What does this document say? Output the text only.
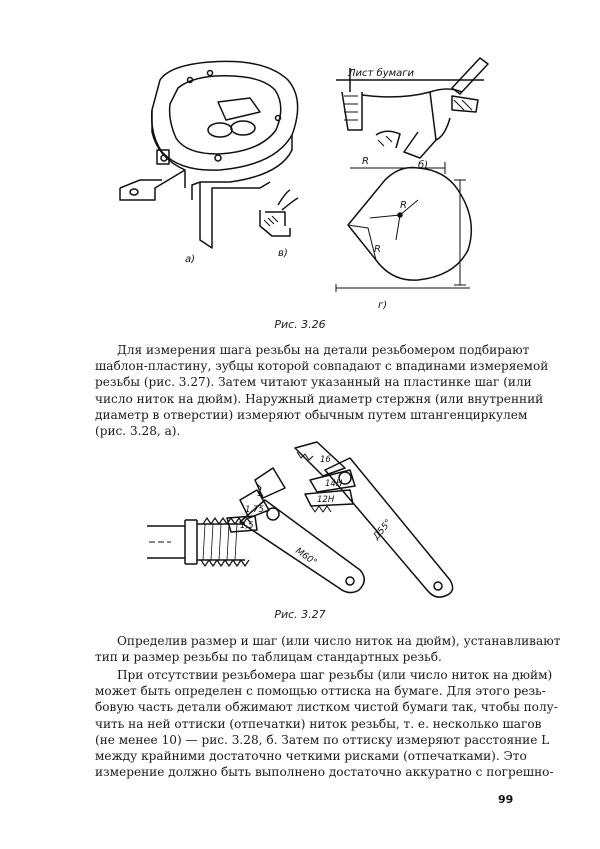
Лист бумаги
а)
в)
б)
г)
R
R
R
Рис. 3.26
Для измерения шага резьбы на детали резьбомером подбирают
шаблон-пластину, зубцы которой совпадают с впадинами измеряемой
резьбы (рис. 3.27). Затем читают указанный на пластинке шаг (или
число ниток на дюйм). Наружный диаметр стержня (или внутренний
диаметр в отверстии) измеряют обычным путем штангенциркулем
(рис. 3.28, а).
1
1,75
1,5
14H
12H
16
M60°
Д55°
Рис. 3.27
Определив размер и шаг (или число ниток на дюйм), устанавливают
тип и размер резьбы по таблицам стандартных резьб.
При отсутствии резьбомера шаг резьбы (или число ниток на дюйм)
может быть определен с помощью оттиска на бумаге. Для этого резь-
бовую часть детали обжимают листком чистой бумаги так, чтобы полу-
чить на ней оттиски (отпечатки) ниток резьбы, т. е. несколько шагов
(не менее 10) — рис. 3.28, б. Затем по оттиску измеряют расстояние L
между крайними достаточно четкими рисками (отпечатками). Это
измерение должно быть выполнено достаточно аккуратно с погрешно-
99
